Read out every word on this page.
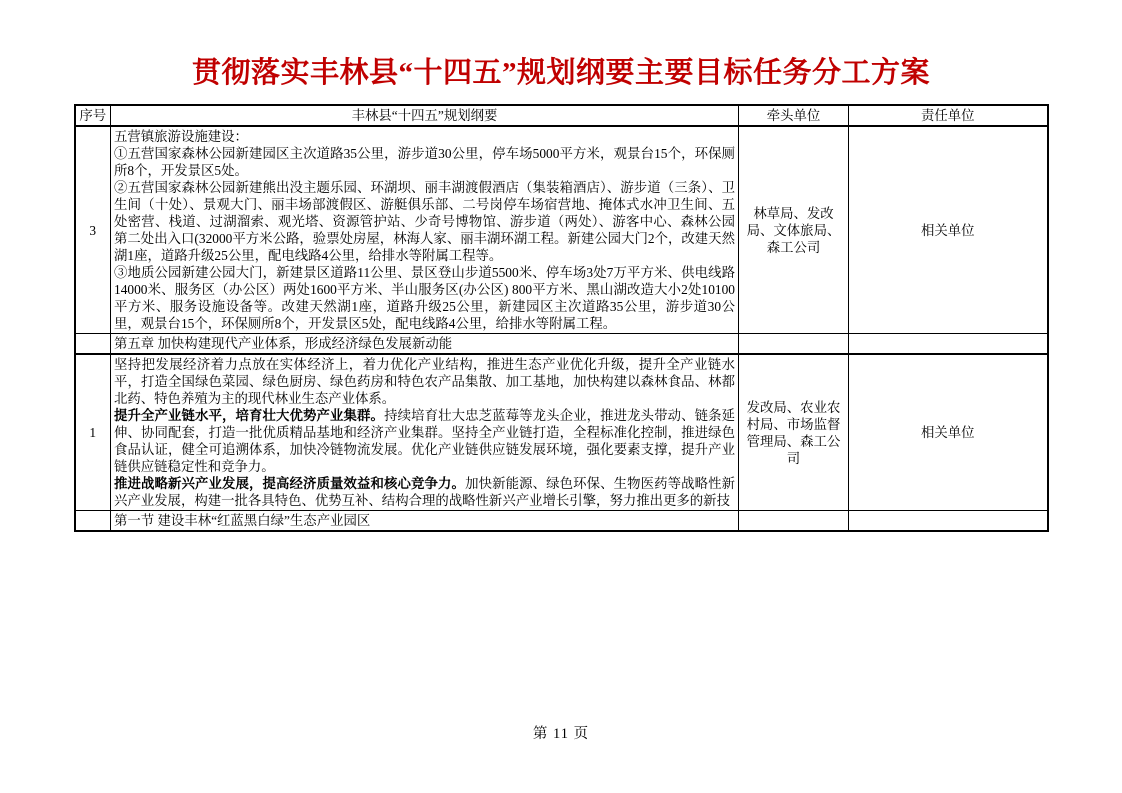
贯彻落实丰林县“十四五”规划纲要主要目标任务分工方案
序号	丰林县“十四五”规划纲要	牵头单位	责任单位
3	五营镇旅游设施建设：
①五营国家森林公园新建园区主次道路35公里，游步道30公里，停车场5000平方米，观景台15个，环保厕所8个，开发景区5处。
②五营国家森林公园新建熊出没主题乐园、环湖坝、丽丰湖渡假酒店（集装箱酒店）、游步道（三条）、卫生间（十处）、景观大门、丽丰场部渡假区、游艇俱乐部、二号岗停车场宿营地、掩体式水冲卫生间、五处密营、栈道、过湖溜索、观光塔、资源管护站、少奇号博物馆、游步道（两处）、游客中心、森林公园第二处出入口(32000平方米公路，验票处房屋，林海人家、丽丰湖环湖工程。新建公园大门2个，改建天然湖1座，道路升级25公里，配电线路4公里，给排水等附属工程等。
③地质公园新建公园大门，新建景区道路11公里、景区登山步道5500米、停车场3处7万平方米、供电线路14000米、服务区（办公区）两处1600平方米、半山服务区(办公区) 800平方米、黑山湖改造大小2处10100平方米、服务设施设备等。改建天然湖1座，道路升级25公里，新建园区主次道路35公里，游步道30公里，观景台15个，环保厕所8个，开发景区5处，配电线路4公里，给排水等附属工程。	林草局、发改局、文体旅局、森工公司	相关单位
	第五章 加快构建现代产业体系，形成经济绿色发展新动能		
1	坚持把发展经济着力点放在实体经济上，着力优化产业结构，推进生态产业优化升级，提升全产业链水平，打造全国绿色菜园、绿色厨房、绿色药房和特色农产品集散、加工基地，加快构建以森林食品、林都北药、特色养殖为主的现代林业生态产业体系。
提升全产业链水平，培育壮大优势产业集群。持续培育壮大忠芝蓝莓等龙头企业，推进龙头带动、链条延伸、协同配套，打造一批优质精品基地和经济产业集群。坚持全产业链打造，全程标准化控制，推进绿色食品认证，健全可追溯体系，加快冷链物流发展。优化产业链供应链发展环境，强化要素支撑，提升产业链供应链稳定性和竞争力。
推进战略新兴产业发展，提高经济质量效益和核心竞争力。加快新能源、绿色环保、生物医药等战略性新兴产业发展，构建一批各具特色、优势互补、结构合理的战略性新兴产业增长引擎，努力推出更多的新技	发改局、农业农村局、市场监督管理局、森工公司	相关单位
	第一节 建设丰林“红蓝黑白绿”生态产业园区		
第 11 页
